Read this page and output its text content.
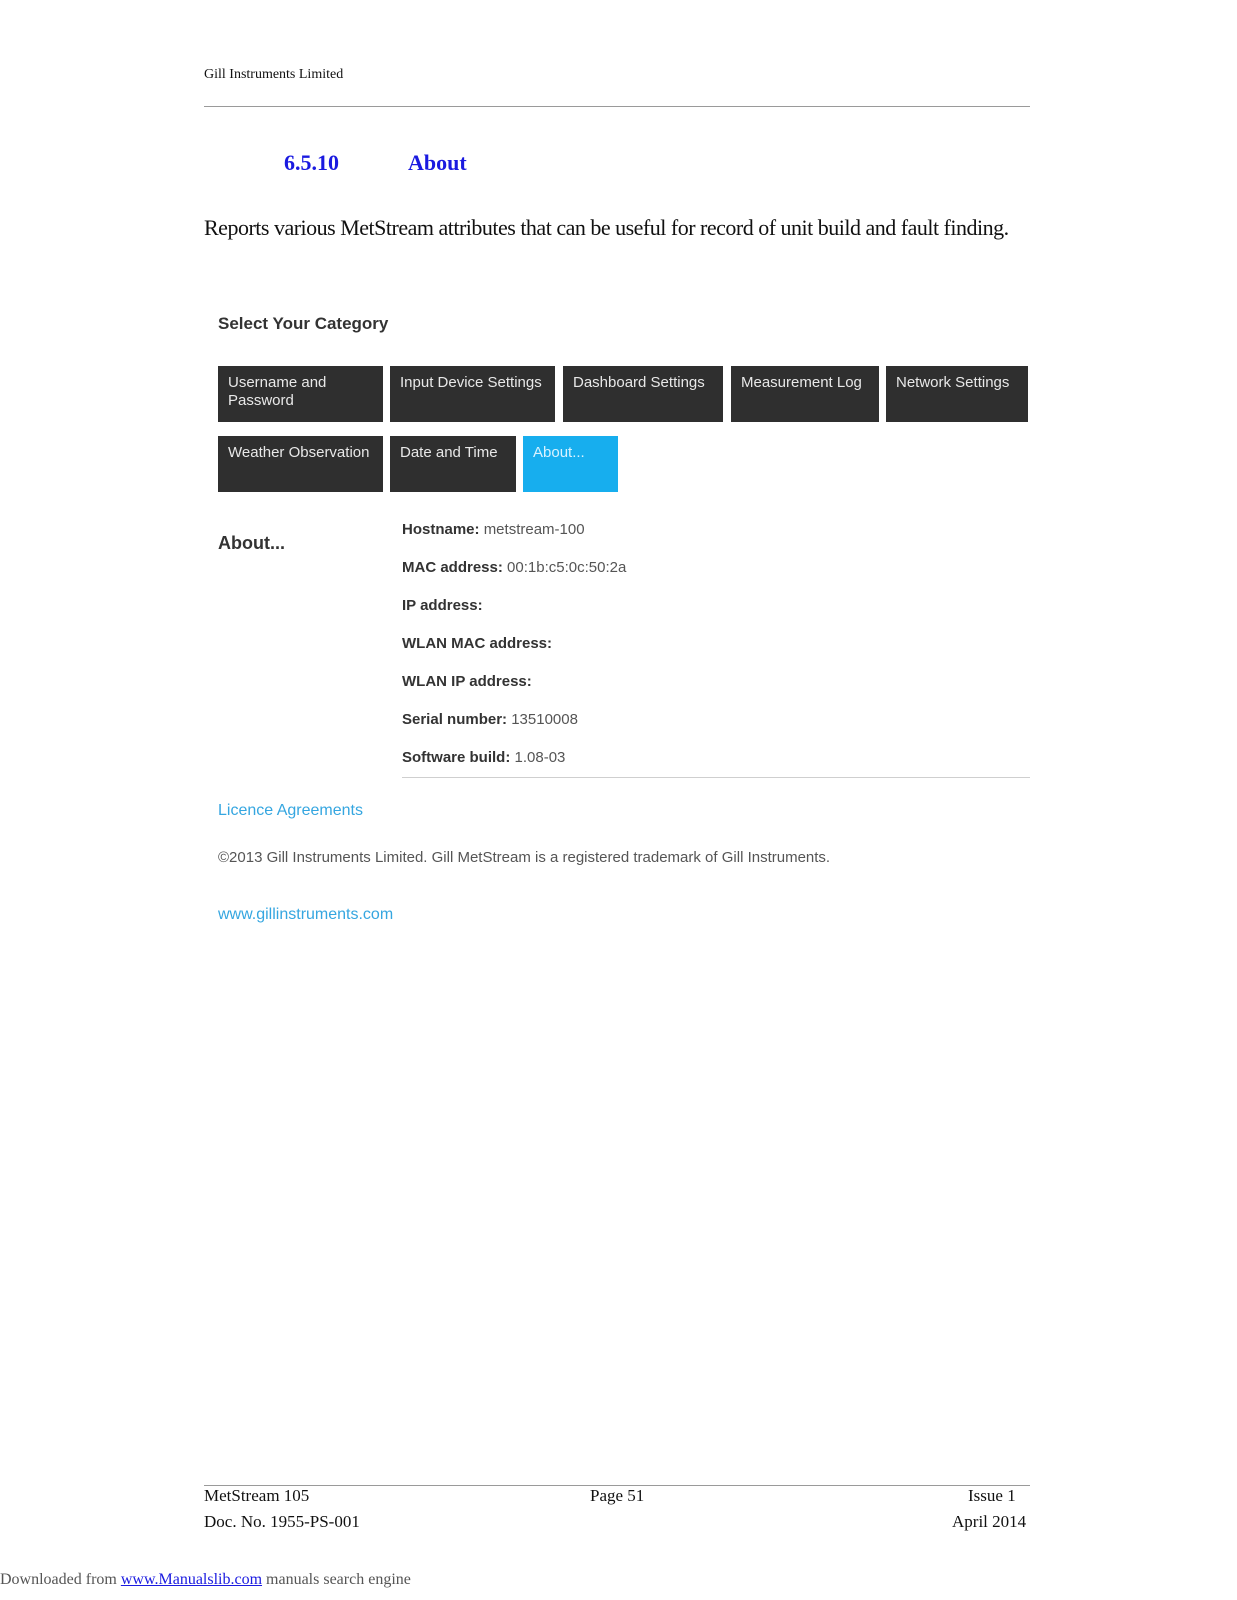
Gill Instruments Limited
6.5.10	About
Reports various MetStream attributes that can be useful for record of unit build and fault finding.
Select Your Category
Username and Password
Input Device Settings	Dashboard Settings	Measurement Log	Network Settings
Weather Observation	Date and Time	About...
About...
Hostname: metstream-100
MAC address: 00:1b:c5:0c:50:2a
IP address:
WLAN MAC address:
WLAN IP address:
Serial number: 13510008
Software build: 1.08-03
Licence Agreements
©2013 Gill Instruments Limited. Gill MetStream is a registered trademark of Gill Instruments.
www.gillinstruments.com
MetStream 105	Page 51	Issue 1
Doc. No. 1955-PS-001	April 2014
Downloaded from www.Manualslib.com manuals search engine
